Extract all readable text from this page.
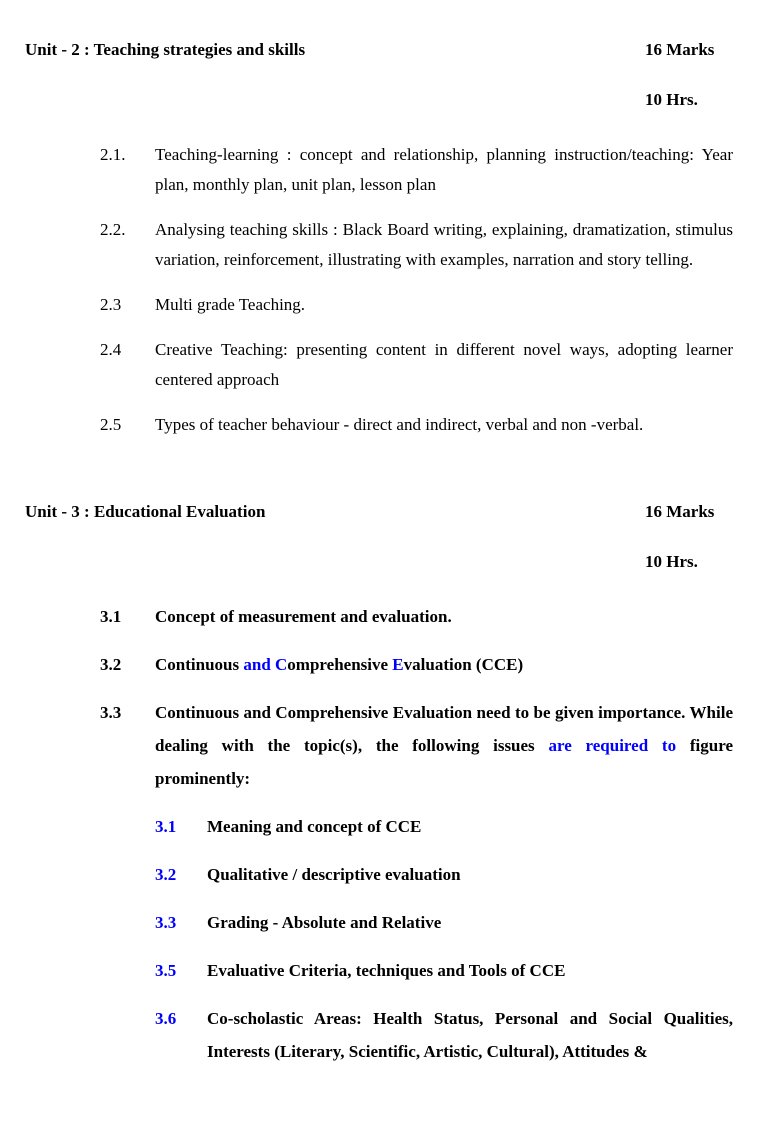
Unit - 2 : Teaching strategies and skills	16 Marks
10 Hrs.
2.1.	Teaching-learning : concept and relationship, planning instruction/teaching: Year plan, monthly plan, unit plan, lesson plan
2.2.	Analysing teaching skills : Black Board writing, explaining, dramatization, stimulus variation, reinforcement, illustrating with examples, narration and story telling.
2.3	Multi grade Teaching.
2.4	Creative Teaching: presenting content in different novel ways, adopting learner centered approach
2.5	Types of teacher behaviour - direct and indirect, verbal and non -verbal.
Unit - 3 : Educational Evaluation	16 Marks
10 Hrs.
3.1	Concept of measurement and evaluation.
3.2	Continuous and Comprehensive Evaluation (CCE)
3.3	Continuous and Comprehensive Evaluation need to be given importance. While dealing with the topic(s), the following issues are required to figure prominently:
3.1	Meaning and concept of CCE
3.2	Qualitative / descriptive evaluation
3.3	Grading - Absolute and Relative
3.5	Evaluative Criteria, techniques and Tools of CCE
3.6	Co-scholastic Areas: Health Status, Personal and Social Qualities, Interests (Literary, Scientific, Artistic, Cultural), Attitudes &
